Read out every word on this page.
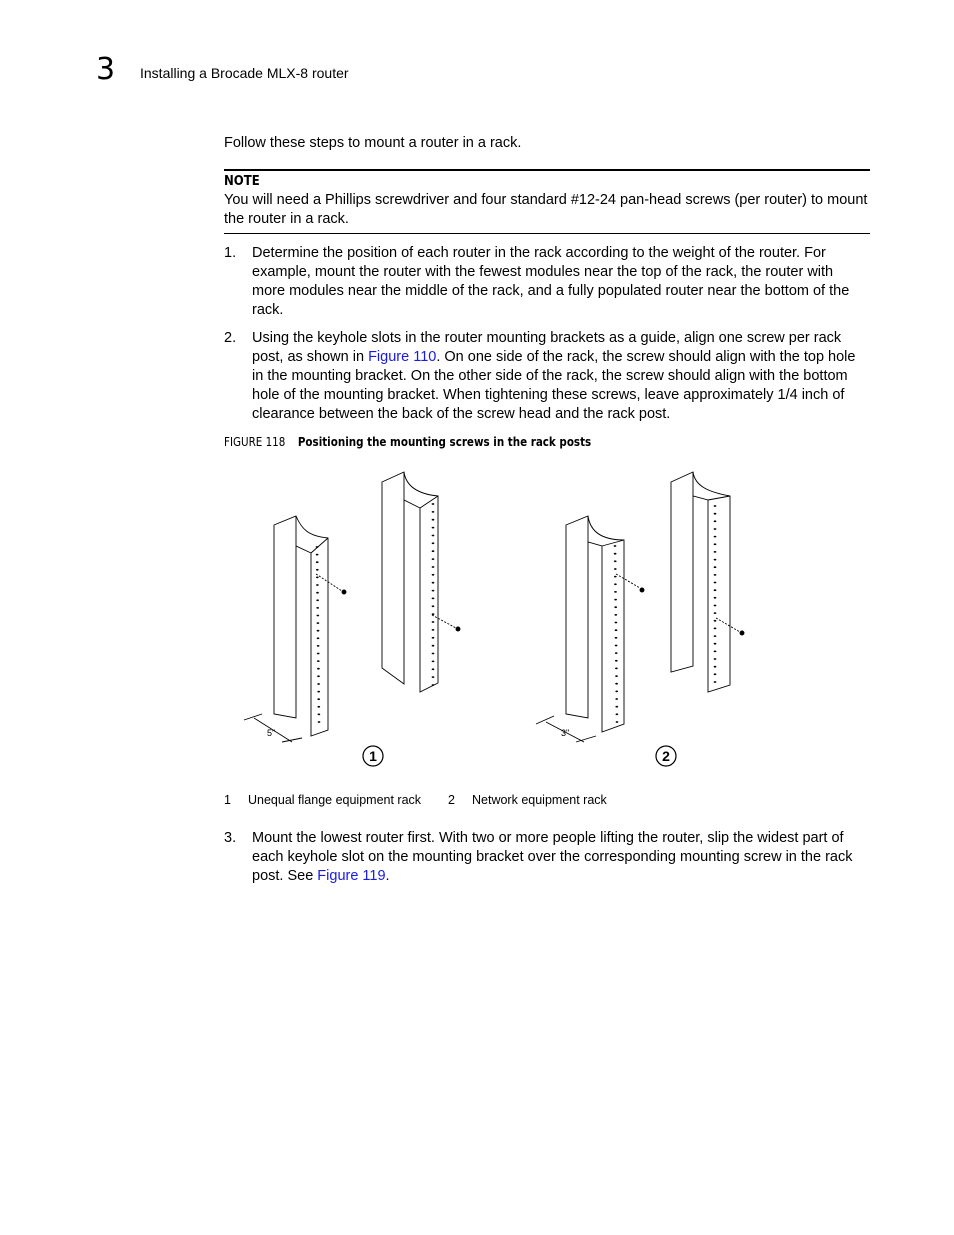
3 Installing a Brocade MLX-8 router

Follow these steps to mount a router in a rack.

NOTE
You will need a Phillips screwdriver and four standard #12-24 pan-head screws (per router) to mount the router in a rack.
1. Determine the position of each router in the rack according to the weight of the router. For example, mount the router with the fewest modules near the top of the rack, the router with more modules near the middle of the rack, and a fully populated router near the bottom of the rack.
2. Using the keyhole slots in the router mounting brackets as a guide, align one screw per rack post, as shown in Figure 110. On one side of the rack, the screw should align with the top hole in the mounting bracket. On the other side of the rack, the screw should align with the bottom hole of the mounting bracket. When tightening these screws, leave approximately 1/4 inch of clearance between the back of the screw head and the rack post.
FIGURE 118 Positioning the mounting screws in the rack posts
5"
1
3"
2
1 Unequal flange equipment rack 2 Network equipment rack
3. Mount the lowest router first. With two or more people lifting the router, slip the widest part of each keyhole slot on the mounting bracket over the corresponding mounting screw in the rack post. See Figure 119.
